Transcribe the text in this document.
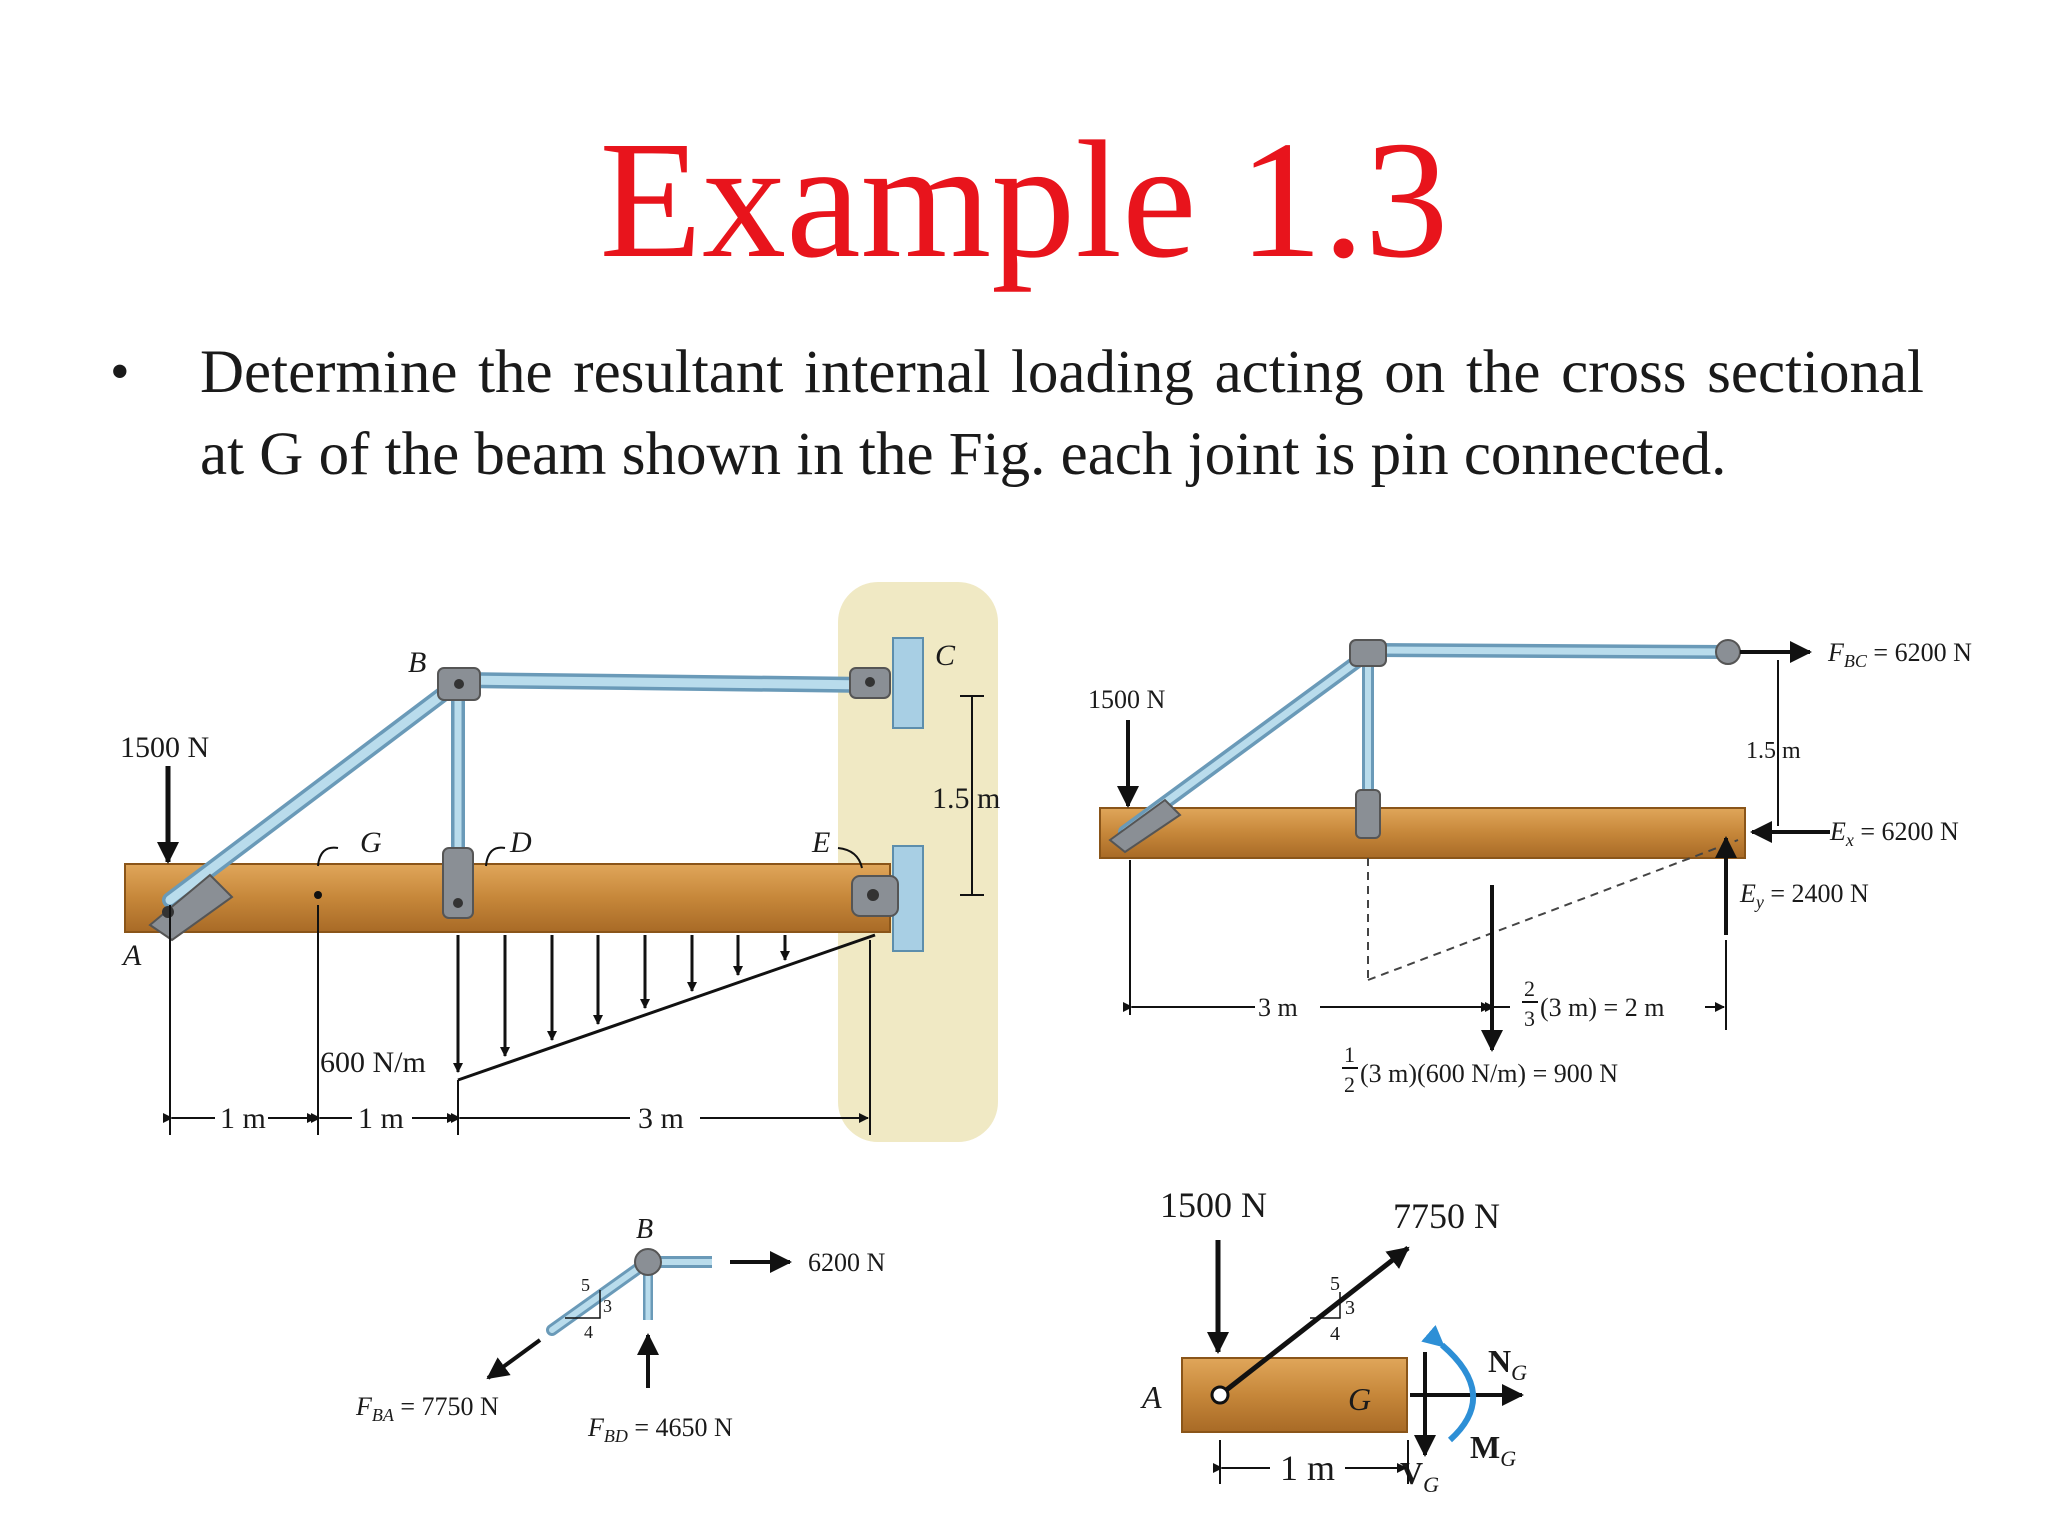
Example 1.3
• Determine the resultant internal loading acting on the cross sectional at G of the beam shown in the Fig. each joint is pin connected.
1500 N
600 N/m
B	C
G	D	E
A
1.5 m
1 m	1 m	3 m
1500 N
$F_{BC} = 6200$ N
$E_x = 6200$ N
$E_y = 2400$ N
1.5 m
3 m
2
3 (3 m) = 2 m
1
2 (3 m)(600 N/m) = 900 N
B
6200 N
$F_{BA} = 7750$ N
$F_{BD} = 4650$ N
5
3
4
1500 N	7750 N
5
3
4
A	G
$N_G$
$M_G$
$V_G$
1 m
